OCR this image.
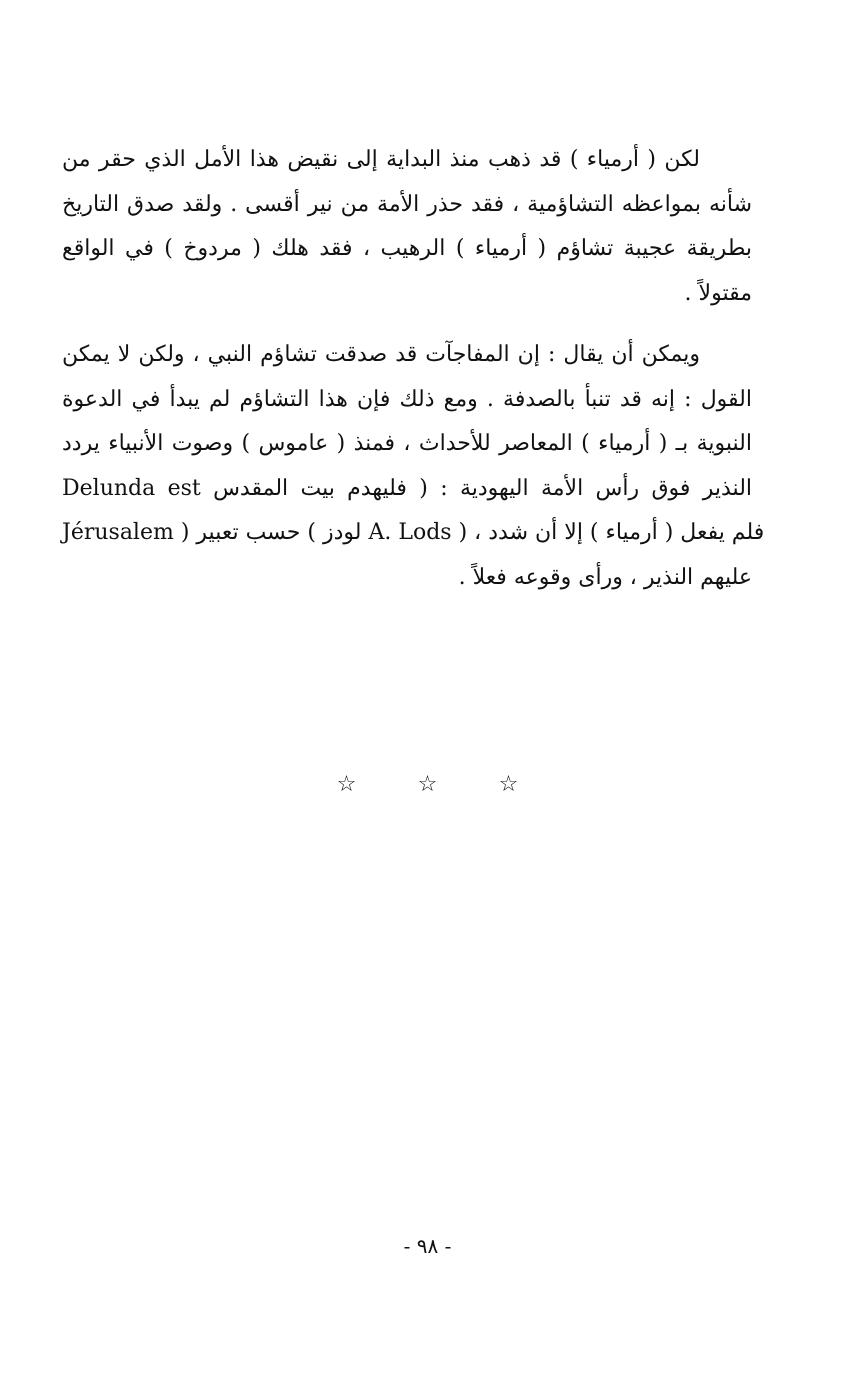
لكن ( أرمياء ) قد ذهب منذ البداية إلى نقيض هذا الأمل الذي حقر من
شأنه بمواعظه التشاؤمية ، فقد حذر الأمة من نير أقسى . ولقد صدق التاريخ
بطريقة عجيبة تشاؤم ( أرمياء ) الرهيب ، فقد هلك ( مردوخ ) في الواقع
مقتولاً .
ويمكن أن يقال : إن المفاجآت قد صدقت تشاؤم النبي ، ولكن لا يمكن
القول : إنه قد تنبأ بالصدفة . ومع ذلك فإن هذا التشاؤم لم يبدأ في الدعوة
النبوية بـ ( أرمياء ) المعاصر للأحداث ، فمنذ ( عاموس ) وصوت الأنبياء يردد
النذير فوق رأس الأمة اليهودية : ( فليهدم بيت المقدس Delunda est
Jérusalem ) حسب تعبير ( لودز A. Lods ) ، فلم يفعل ( أرمياء ) إلا أن شدد
عليهم النذير ، ورأى وقوعه فعلاً .
☆	☆	☆
- ٩٨ -
